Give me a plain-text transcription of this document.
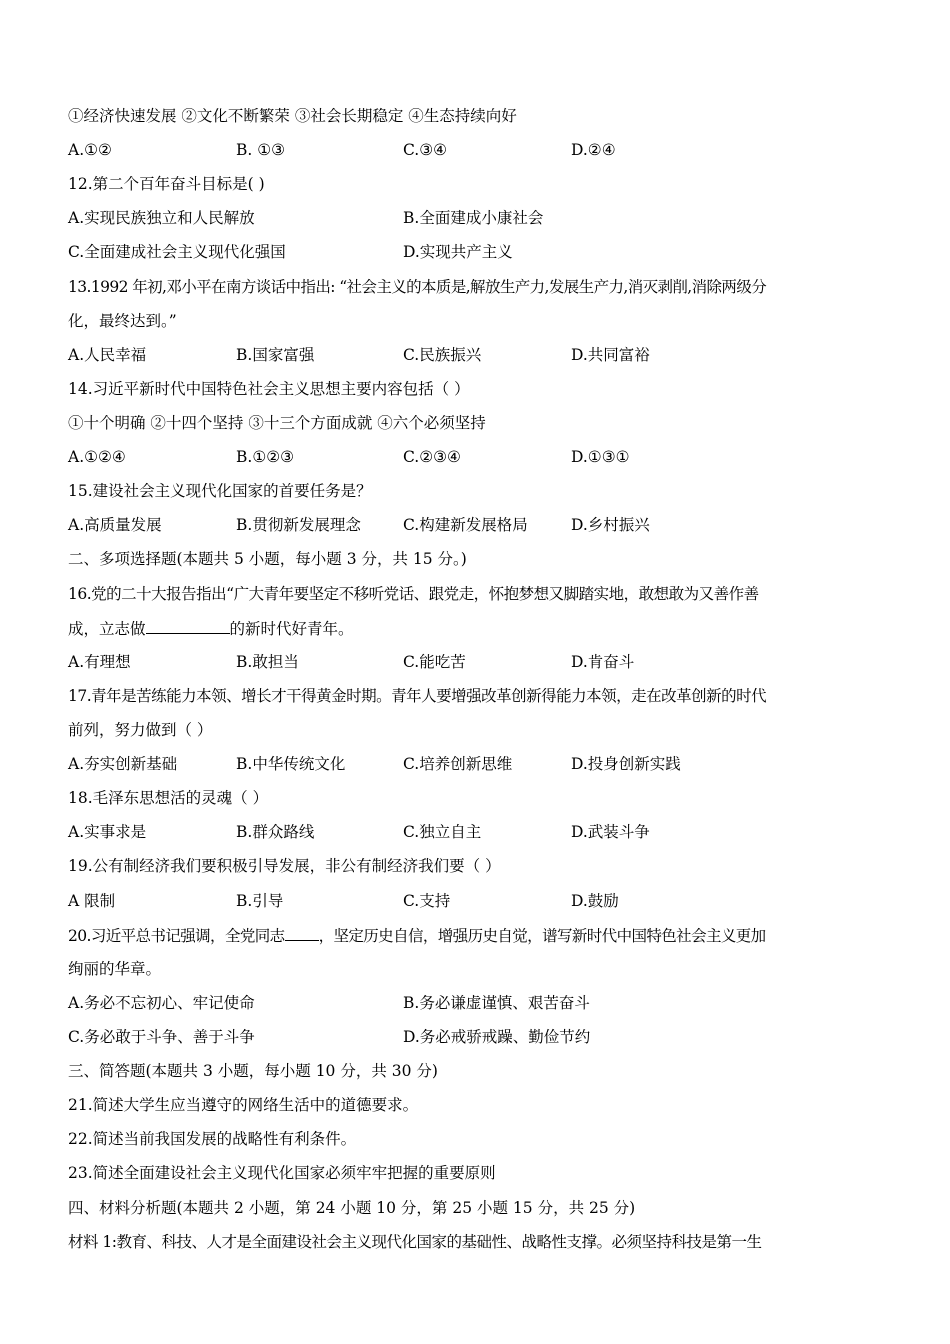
①经济快速发展 ②文化不断繁荣 ③社会长期稳定 ④生态持续向好
A.①②	B. ①③	C.③④	D.②④
12.第二个百年奋斗目标是( )
A.实现民族独立和人民解放	B.全面建成小康社会
C.全面建成社会主义现代化强国	D.实现共产主义
13.1992 年初,邓小平在南方谈话中指出: “社会主义的本质是,解放生产力,发展生产力,消灭剥削,消除两级分
化，最终达到。”
A.人民幸福	B.国家富强	C.民族振兴	D.共同富裕
14.习近平新时代中国特色社会主义思想主要内容包括（ ）
①十个明确 ②十四个坚持 ③十三个方面成就 ④六个必须坚持
A.①②④	B.①②③	C.②③④	D.①③①
15.建设社会主义现代化国家的首要任务是？
A.高质量发展	B.贯彻新发展理念	C.构建新发展格局	D.乡村振兴
二、多项选择题(本题共 5 小题，每小题 3 分，共 15 分。)
16.党的二十大报告指出“广大青年要坚定不移听党话、跟党走，怀抱梦想又脚踏实地，敢想敢为又善作善
成，立志做	的新时代好青年。
A.有理想	B.敢担当	C.能吃苦	D.肯奋斗
17.青年是苦练能力本领、增长才干得黄金时期。青年人要增强改革创新得能力本领，走在改革创新的时代
前列，努力做到（ ）
A.夯实创新基础	B.中华传统文化	C.培养创新思维	D.投身创新实践
18.毛泽东思想活的灵魂（ ）
A.实事求是	B.群众路线	C.独立自主	D.武装斗争
19.公有制经济我们要积极引导发展，非公有制经济我们要（ ）
A 限制	B.引导	C.支持	D.鼓励
20.习近平总书记强调，全党同志 ，坚定历史自信，增强历史自觉，谱写新时代中国特色社会主义更加
绚丽的华章。
A.务必不忘初心、牢记使命	B.务必谦虚谨慎、艰苦奋斗
C.务必敢于斗争、善于斗争	D.务必戒骄戒躁、勤俭节约
三、简答题(本题共 3 小题，每小题 10 分，共 30 分)
21.简述大学生应当遵守的网络生活中的道德要求。
22.简述当前我国发展的战略性有利条件。
23.简述全面建设社会主义现代化国家必须牢牢把握的重要原则
四、材料分析题(本题共 2 小题，第 24 小题 10 分，第 25 小题 15 分，共 25 分)
材料 1:教育、科技、人才是全面建设社会主义现代化国家的基础性、战略性支撑。必须坚持科技是第一生
